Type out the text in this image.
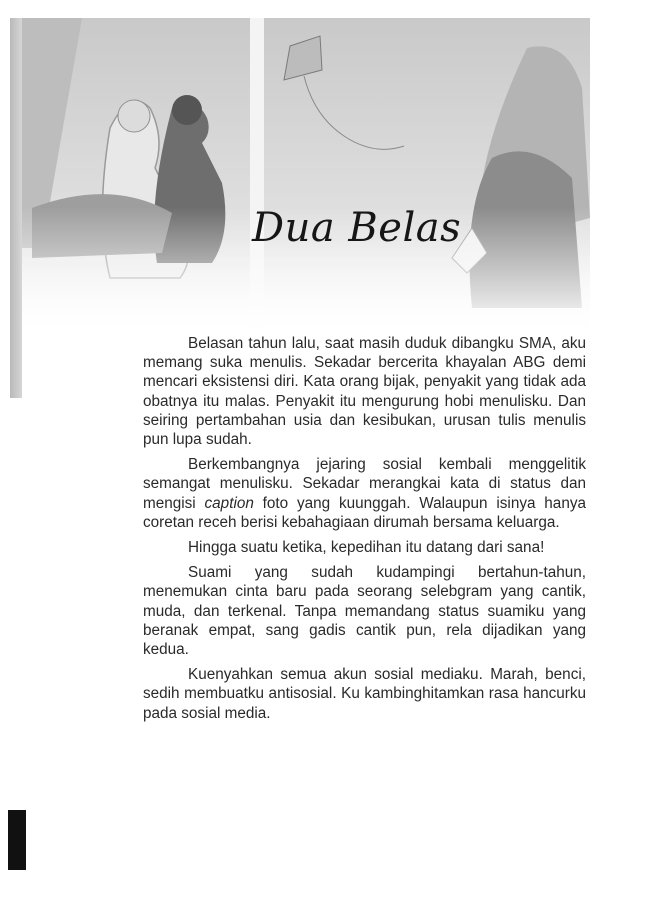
Dua Belas

Belasan tahun lalu, saat masih duduk dibangku SMA, aku memang suka menulis. Sekadar bercerita khayalan ABG demi mencari eksistensi diri. Kata orang bijak, penyakit yang tidak ada obatnya itu malas. Penyakit itu mengurung hobi menulisku. Dan seiring pertambahan usia dan kesibukan, urusan tulis menulis pun lupa sudah.

Berkembangnya jejaring sosial kembali menggelitik semangat menulisku. Sekadar merangkai kata di status dan mengisi caption foto yang kuunggah. Walaupun isinya hanya coretan receh berisi kebahagiaan dirumah bersama keluarga.

Hingga suatu ketika, kepedihan itu datang dari sana!

Suami yang sudah kudampingi bertahun-tahun, menemukan cinta baru pada seorang selebgram yang cantik, muda, dan terkenal. Tanpa memandang status suamiku yang beranak empat, sang gadis cantik pun, rela dijadikan yang kedua.

Kuenyahkan semua akun sosial mediaku. Marah, benci, sedih membuatku antisosial. Ku kambinghitamkan rasa hancurku pada sosial media.
